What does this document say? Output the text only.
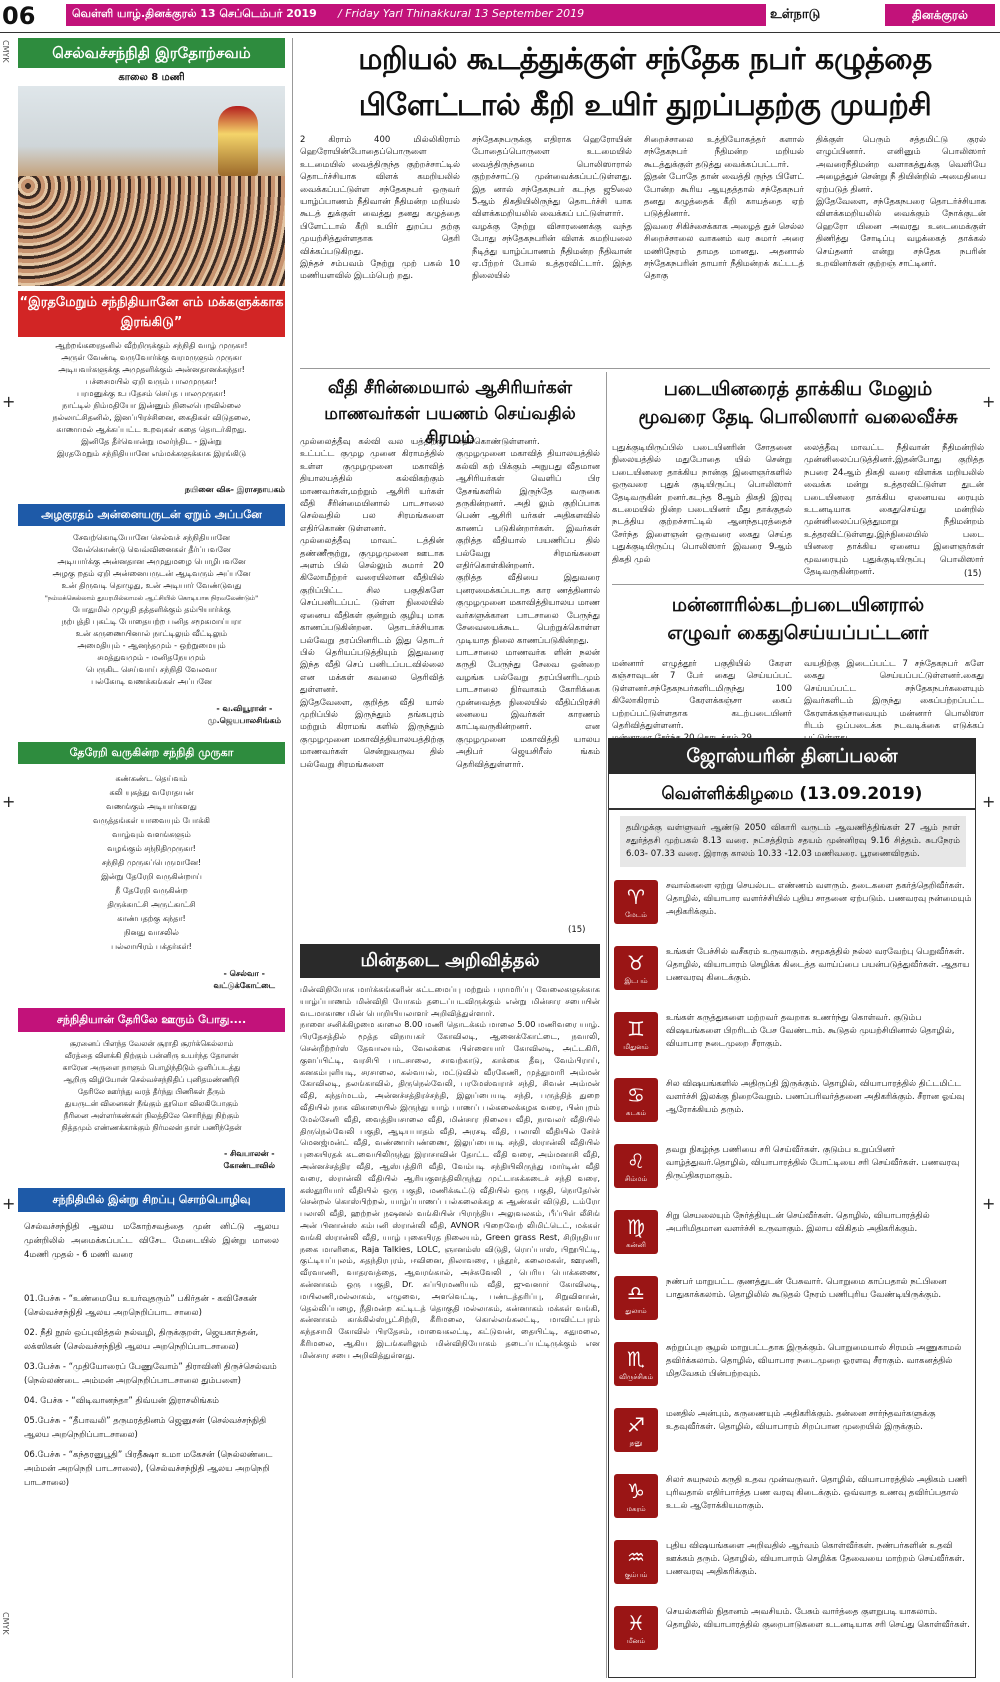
06	வெள்ளி யாழ்.தினக்குரல் 13 செப்டெம்பர் 2019 / Friday Yarl Thinakkural 13 September 2019	உள்நாடு	தினக்குரல்
CMYK
CMYK
+
+
+
+
+
+
செல்வச்சந்நிதி இரதோற்சவம்
காலை 8 மணி
“இரதமேறும் சந்நிதியானே எம் மக்களுக்காக இரங்கிடு”
ஆற்றங்கரைதனில் வீற்றிருக்கும் சந்நிதி வாழ் முருகா!
அருள் வேண்டி வருவோர்க்கு வரமருளும் முருகா
அடியவர்களுக்கு அமுதளிக்கும் அன்னதானக்கந்தா!
பச்சைமயில் ஏறி வரும் பாலமுருகா!
பரமனுக்கு உபதேசம் செய்த பாலமுருகா!
நாட்டில் நிம்மதியோ இன்னும் நிலைபெறவில்லை
நல்லாட்சிதனில், இனப்பிரச்சினை, கைதிகள் விடுதலை,
காணாமல் ஆக்கப்பட்ட உறவுகள் கதை தொடர்கிறது.
இனிதே தீர்வொன்று மலர்ந்திட - இன்று
இரதமேறும் சந்நிதியானே எம்மக்களுக்காக இரங்கிடு
நயினை விசு- இராசநாயகம்
அழகுரதம் அன்னையருடன் ஏறும் அப்பனே
சேவற்கொடியோனே செல்வச் சந்நிதியானே
வேல்கொண்டு வெவ்வினைகள் தீர்ப்பவனே
அடியார்க்கு அன்னதான அமுதுமழை பொழிபவனே
அழகு றதம் ஏறி அன்னையருடன் ஆடிவரும் அப்பனே
உன் திருவடி தொழுது, உன் அடியார் வேண்டுவது
"நம்மக்கெல்லாம் துயரமில்லாமல் ஆட்சியில் கொடியாக நிரவலேண்டும்"
போதுமில் முழுதி தத்தளிக்கும் தம்பியார்க்கு
நற்புத்தி புகட்டி போதையற்ற பனித சமூகமாய்பரா
உன் கருணையினால் நாட்டிலும் வீட்டிலும்
அமைதியும் - ஆனந்தமும் - ஒற்றுமையும்
சமத்துவமும் - மனிதநேயமும்
பெருகிட செய்வாய் சந்நிதி வேலவா
பல்கோடி வணக்கங்கள் அப்பனே
- வ.வியூரான் -
மு.ஜெயபாலசிங்கம்
தேரேறி வருகின்ற சந்நிதி முருகா
கண்கண்ட தெய்வம்
கலி யுகத்து வரோதயன்
வணங்கும் அடியார்களது
வருத்தங்கள் யாவையும் போக்கி
வாழ்வும் வளங்களும்
வழங்கும் சந்நிதிமுருகா!
சந்நிதி முருகப்பெருமானே!
இன்று தேரேறி வருகின்றாய்
நீ தேரேறி வருகின்ற
திருக்காட்சி அருட்காட்சி
காண்பதற்கு கந்தா!
நினது வாசலில்
பல்லாயிரம் பக்தர்கள்!
- செல்வா -
வட்டுக்கோட்டை
சந்நிதியான் தேரிலே ஊரும் போது....
சூரனைப் பிளந்த வேலன் சூராதி சூரர்க்கெல்லாம்
வீரத்தை விளக்கி நிற்கும் பன்னிரு உயர்ந்த தோளன்
காரேன அருளை நாளும் பொழிந்திடும் ஒளிப்படத்து
ஆறிரு விழியோன் செல்வச்சந்நிதிப் புனிதமண்ணிறி
தேரிலே ஊர்ந்து வரத் தீர்ந்து பிணிகள் தீரும்
துயருடன் வினைகள் நீங்கும் தூமொ விலகிபோகும்
நீரினை அள்ளர்கண்கள் நிலத்திலே சொரிந்து நிற்கும்
நித்தமும் எண்ணக்காக்கும் நிர்மலன் தாள் பணிந்தேன்
- சிவபாலன் -
கோண்டாவில்
சந்நிதியில் இன்று சிறப்பு சொற்பொழிவு
செல்வச்சந்நிதி ஆலய மகோற்சவத்தை முன் னிட்டு ஆலய முன்றிலில் அமைக்கப்பட்ட விசேட மேடையில் இன்று மாலை 4மணி முதல் - 6 மணி வரை
01.பேச்சு - “உண்மையே உயர்வுதரும்” பகிர்தன் - கவிசேகன் (செல்வச்சந்நிதி ஆலய அறநெறிப்பாட சாலை)
02. நீதி நூல் ஒப்புவித்தல் நல்வழி, திருக்குறள், ஜெயகாந்தன், லக்ஸிகன் (செல்வச்சந்நிதி ஆலய அறநெறிப்பாடசாலை)
03.பேச்சு - “முதியோரைப் பேணுவோம்” திராவினி திருச்செல்வம் (நெல்லண்டை அம்மன் அறநெறிப்பாடசாலை தும்பளை)
04. பேச்சு - “விடிவானந்தா” திவ்யன் இராசலிங்கம்
05.பேச்சு - “தீபாவலி” தருமரத்தினம் ஜெனுசன் (செல்வச்சந்நிதி ஆலய அறநெறிப்பாடசாலை)
06.பேச்சு - “கந்தரனுபூதி” பிரதீக்ஷா உமா மகேசன் (நெல்லண்டை அம்மன் அறநெறி பாடசாலை), (செல்வச்சந்நிதி ஆலய அறநெறி பாடசாலை)
மறியல் கூடத்துக்குள் சந்தேக நபர் கழுத்தை
பிளேட்டால் கீறி உயிர் துறப்பதற்கு முயற்சி
2 கிராம் 400 மில்லிகிராம் ஹெரோயின்போதைப்பொருளை உடமையில் வைத்திருந்த குற்றச்சாட்டில் தொடர்ச்சியாக விளக் கமறியலில் வைக்கப்பட்டுள்ள சந்தேகநபர் ஒருவர் யாழ்ப்பாணம் நீதிவான் நீதிமன்ற மறியல் கூடத் துக்குள் வைத்து தனது கழுத்தை பிளேட்டால் கீறி உயிர் துறப்ப தற்கு முயற்சித்துள்ளதாக தெரி விக்கப்படுகிறது.
இந்தச் சம்பவம் நேற்று முற் பகல் 10 மணியளவில் இடம்பெற் றது.
சந்தேகநபருக்கு எதிராக ஹெரோயின் போதைப்பொருளை உடமையில் வைத்திருந்தமை பொலிஸாரால் குற்றச்சாட்டு முன்வைக்கப்பட்டுள்ளது. இத னால் சந்தேகநபர் கடந்த ஜூலை 5ஆம் திகதியிலிருந்து தொடர்ச்சி யாக விளக்கமறியலில் வைக்கப் பட்டுள்ளார்.
வழக்கு நேற்று விசாரணைக்கு வந்த போது சந்தேகநபரின் விளக் கமறியலை நீடித்து யாழ்ப்பாணம் நீதிமன்ற நீதிவான் ஏ.பீற்றர் போல் உத்தரவிட்டார். இந்த நிலையில்
சிறைச்சாலை உத்தியோகத்தர் களால் சந்தேகநபர் நீதிமன்ற மறியல் கூடத்துக்குள் தடுத்து வைக்கப்பட்டார்.
இதன் போதே தான் வைத்தி ருந்த பிளேட் போன்ற கூரிய ஆயுதத்தால் சந்தேகநபர் தனது கழுத்தைக் கீறி காயத்தை ஏற் படுத்தினார்.
இவரை சிகிச்சைக்காக அழைத் துச் செல்ல சிறைச்சாலை வாகனம் வர சுமார் அரை மணிநேரம் தாமத மானது. அதனால் சந்தேகநபரின் தாயார் நீதிமன்றக் கட்டடத் தொகு
திக்குள் பெரும் சத்தமிட்டு குரல் எழுப்பினார். எனினும் பொலிஸார் அவரைநீதிமன்ற வளாகத்துக்கு வெளியே அழைத்துச் சென்று நீ தியின்றில் அமைதியை ஏற்படுத் தினர்.
இதேவேளை, சந்தேகநபரை தொடர்ச்சியாக விளக்கமறியலில் வைக்கும் நோக்குடன் ஹெரோ யினை அவரது உடைமைக்குள் திணித்து சோடிப்பு வழக்கைத் தாக்கல் செய்தனர் என்று சந்தேக நபரின் உறவினர்கள் குற்றஞ் சாட்டினர்.
வீதி சீரின்மையால் ஆசிரியர்கள்
மாணவர்கள் பயணம் செய்வதில் சிரமம்
முல்லைத்தீவு கல்வி வல யத்திற்கு உட்பட்ட குமுழ முனை கிராமத்தில் உள்ள குமுழமுனை மகாவித் தியாலயத்தில் கல்விகற்கும் மாணவர்கள்,மற்றும் ஆசிரி யர்கள் வீதி சீரின்மையினால் பாடசாலை செல்வதில் பல சிரமங்களை எதிர்கொண் டுள்ளனர்.
முல்லைத்தீவு மாவட் டத்தின் தண்ணீரூற்று, குமுழமுனை ஊடாக அளம் பில் செல்லும் சுமார் 20 கிலோமீற்றர் வரையிலான வீதியில் குறிப்பிட்ட சில பகுதிகளே செப்பனிடப்பட் டுள்ள நிலையில் ஏனைய வீதிகள் குன்றும் குழியு மாக காணப்படுகின்றன. தொடர்ச்சியாக பல்வேறு தரப்பினரிடம் இது தொடர் பில் தெரியப்படுத்தியும் இதுவரை இந்த வீதி செப் பனிடப்படவில்லை என மக்கள் கவலை தெரிவித் துள்ளனர்.
இதேவேளை, குறித்த வீதி யால் முறிப்பில் இருந்தும் தங்கபுரம் மற்றும் கிராமங் களில் இருந்தும் குமுழமுனை மகாவித்தியாலயத்திற்கு மாணவர்கள் சென்றுவருவ தில் பல்வேறு சிரமங்களை
எதிர்கொண்டுள்ளனர்.
குமுழமுனை மகாவித் தியாலயத்தில் கல்வி கற் பிக்கும் அநுபது வீதமான ஆசிரியர்கள் வெளிப் பிர தேசங்களில் இருந்தே வருகை தருகின்றனர். அதி லும் குறிப்பாக பெண் ஆசிரி யர்கள் அதிகளவில் காணப் படுகின்றார்கள். இவர்கள் குறித்த வீதியால் பயணிப்ப தில் பல்வேறு சிரமங்களை எதிர்கொள்கின்றனர்.
குறித்த வீதியை இதுவரை புனரமைக்கப்படாத கார ணத்தினால் குமுழமுனை மகாவித்தியாலய மாண வர்களுக்கான பாடசாலை பேருந்து சேவையைக்கூட பெற்றுக்கொள்ள முடியாத நிலை காணப்படுகின்றது.
பாடசாலை மாணவர்க ளின் நலன் கருதி பேருந்து சேவை ஒன்றை வழங்க பல்வேறு தரப்பினரிடமும் பாடசாலை நிர்வாகம் கோரிக்கை முன்வைத்த நிலையில் வீதிப்பிரச்சி னையை இவர்கள் காரணம் காட்டிவருகின்றனர். என குமுழமுனை மகாவித்தி யாலய அதிபர் ஜெயசிரீஸ் ங்கம் தெரிவித்துள்ளார்.
(15)
மின்தடை அறிவித்தல்
மின்விநியோக மார்க்கங்களின் கட்டமைப்பு மற்றும் பராமரிப்பு வேலைகளுக்காக யாழ்ப்பாணம் மின்விநி யோகம் தடைப்படவிருக்கும் என்று மின்சார சபையின் வடமாகாண மின் பொறியியலாளர் அறிவித்துள்ளார்.
நாளை சனிக்கிழமை காலை 8.00 மணி தொடக்கம் மாலை 5.00 மணிவரை யாழ். பிரதேசத்தில் மூத்த விநாயகர் கோவிலடி, ஆனைக்கோட்டை, நவாலி, சென்றீற்றர்ஸ் தேவாலயம், வேலக்கை பிள்ளையார் கோவிலடி, அட்டகிரி, குளப்பிட்டி, வரசிபி பாடசாலை, சாவற்காடு, காக்கை தீவு, வேம்பிராய், கனகம்புளியடி, சரசாலை, கல்வயல், மட்டுவில் வீரகேணி, முத்துமாரி அம்மன் கோவிலடி, தலங்காவில், திருநெல்வேலி, பரமேஸ்வராச் சந்தி, சிவன் அம்மன் வீதி, கந்தர்மடம், அன்னச்சத்திரச்சந்தி, இலுப்பையடி சந்தி, பருத்தித் துறை வீதியில் நாக விகாரையில் இருந்து யாழ் பாணப் பல்கலைக்கழக வரை, பின்புறம் மேல்சேனி வீதி, வைத்தியசாலை வீதி, மின்சார நிலைய வீதி, நாவலர் வீதியில் திருநெல்வேலி பகுதி, ஆடியபாதம் வீதி, அரசடி வீதி, பலாலி வீதியில் சேர்ச் மெனஜ்மன்ட் வீதி, வண்ணார்பண்ணை, இலுப்பையடி சந்தி, ஸ்ரான்லி வீதியில் புகையிரதக் கடவையிலிருந்து இராசாவின் தோட்ட வீதி வரை, அம்மனாசி வீதி, அன்னச்சத்திர வீதி, ஆஸ்பத்திரி வீதி, வேம்படி சந்தியிலிருந்து மார்டின் வீதி வரை, ஸ்ரான்லி வீதியில் ஆரியகுளத்திலிருந்து முட்டாசுக்கடைச் சந்தி வரை, கஸ்தூரியார் வீதியில் ஒரு பகுதி, மணிக்கூட்டு வீதியில் ஒரு பகுதி, நொதேர்ன் சென்றல் கொஸ்பிற்றல், யாழ்ப்பாணப் பல்கலைக்கழ க ஆண்கள் விடுதி, டம்ரோ பலாலி வீதி, ஹற்றன் நஷனல் வங்கியின் பிராந்திய அலுவலகம், பீப்பிள் லீசிங் அன் பினான்ஸ் கம்பனி ஸ்ரான்லி வீதி, AVNOR பிறைவேற் லிமிட்டெட், மக்கள் வங்கி ஸ்ரான்லி வீதி, யாழ் புகையிரத நிலையம், Green grass Rest, சிறிநதியா நகை மாளிகை, Raja Talkies, LOLC, ஞானம்ஸ் விடுதி, ரொப்பாஸ், பிறூபிட்டி, குட்டியப்புலம், சுதந்திரபுரம், ஈவினை, நிலாவரை, புத்தூர், கலைமகள், ஊரணி, வீரவாணி, வாதரவத்தை, ஆவரங்கால், அச்சுவேலி , பெரிய பொக்கணை, கன்னாகம் ஒரு பகுதி, Dr. சுப்பிரமணியம் வீதி, ஜுவனாா் கோவிலடி, மயிலணி,மல்லாகம், எழுவை, அளவெட்டி, பண்டத்தரிப்பு, சிறுவிளான், தெல்லிப்பழை, நீதிமன்ற கட்டிடத் தொகுதி மல்லாகம், கன்னாகம் மக்கள் வங்கி, கன்னாகம் காக்கில்ஸ்பூட்சிற்றி, கீரிமலை, கொல்லங்கலட்டி, மாவிட்டபுரம் கந்தசாமி கோவில் பிரதேசம், மாவைகலட்டி, கட்டுவன், தையிட்டி, சுதுமலை, கீரிமலை, ஆகிய இடங்களிலும் மின்விநியோகம் தடைப்பட்டிருக்கும் என மின்சார சபை அறிவித்துள்ளது.
படையினரைத் தாக்கிய மேலும்
மூவரை தேடி பொலிஸார் வலைவீச்சு
புதுக்குடியிருப்பில் படையினரின் சோதனை நிலையத்தில் மதுபோதை யில் சென்று படையினரை தாக்கிய நான்கு இளைஞர்களில் ஒருவரை புதுக் குடியிருப்பு பொலிஸார் தேடிவருகின் றனர்.கடந்த 8ஆம் திகதி இரவு கடமையில் நின்ற படையினர் மீது தாக்குதல் நடத்திய குற்றச்சாட்டில் ஆனந்தபுரத்தைச் சேர்ந்த இளைஞன் ஒருவரை கைது செய்த புதுக்குடியிருப்பு பொலிஸார் இவரை 9ஆம் திகதி முல்
லைத்தீவு மாவட்ட நீதிவான் நீதிமன்றில் முன்னிலைப்படுத்தினர்.இதன்போது குறித்த நபரை 24ஆம் திகதி வரை விளக்க மறியலில் வைக்க மன்று உத்தரவிட்டுள்ள துடன் படையினரை தாக்கிய ஏனையவ ரையும் உடனடியாக கைதுசெய்து மன்றில் முன்னிலைப்படுத்துமாறு நீதிமன்றம் உத்தரவிட்டுள்ளது.இந்நிலையில் படை யினரை தாக்கிய ஏனைய இளைஞர்கள் மூவரையும் புதுக்குடியிருப்பு பொலிஸார் தேடிவருகின்றனர்.	(15)
மன்னாரில்கடற்படையினரால்
எழுவர் கைதுசெய்யப்பட்டனர்
மன்னார் எழுத்தூர் பகுதியில் கேரள கஞ்சாவுடன் 7 பேர் கைது செய்யப்பட் டுள்ளனர்.சந்தேகநபர்களிடமிருந்து 100 கிலோகிராம் கேரளக்கஞ்சா கைப் பற்றப்பட்டுள்ளதாக கடற்படையினர் தெரிவித்துள்ளனர்.

வயதிற்கு இடைப்பட்ட 7 சந்தேகநபர் களே கைது செய்யப்பட்டுள்ளனர்.கைது செய்யப்பட்ட சந்தேகநபர்களையும் இவர்களிடம் இருந்து கைப்பற்றப்பட்ட கேரளக்கஞ்சாவையும் மன்னார் பொலிஸா ரிடம் ஒப்படைக்க நடவடிக்கை எடுக்கப்
ஜோஸ்யரின் தினப்பலன்
வெள்ளிக்கிழமை (13.09.2019)
தமிழுக்கு வள்ளுவர் ஆண்டு 2050 விகாரி வருடம் ஆவணித்திங்கள் 27 ஆம் நாள் சதுர்த்தசி முற்பகல் 8.13 வரை. நட்சத்திரம் சதயம் முன்னிரவு 9.16 சித்தம். சுபநேரம் 6.03- 07.33 வரை. இராகு காலம் 10.33 -12.03 மணிவரை. பூரணைவிரதம்.
♈
மேடம்
சவால்களை ஏற்று செயல்பட எண்ணம் வளரும். தடைகளை தகர்த்தெறிவீர்கள். தொழில், வியாபார வளர்ச்சியில் புதிய சாதனை ஏற்படும். பணவரவு நன்மையும் அதிகரிக்கும்.
♉
இடபம்
உங்கள் பேச்சில் வசீகரம் உருவாகும். சமூகத்தில் நல்ல வரவேற்பு பெறுவீர்கள். தொழில், வியாபாரம் செழிக்க கிடைத்த வாய்ப்பை பயன்படுத்துவீர்கள். ஆதாய பணவரவு கிடைக்கும்.
♊
மிதுனம்
உங்கள் கருத்துகளை மற்றவர் தவறாக உணர்ந்து கொள்வர். குடும்ப விஷயங்களை பிறரிடம் பேச வேண்டாம். கூடுதல் முயற்சியினால் தொழில், வியாபார நடைமுறை சீராகும்.
♋
கடகம்
சில விஷயங்களில் அதிருப்தி இருக்கும். தொழில், வியாபாரத்தில் திட்டமிட்ட வளர்ச்சி இலக்கு நிறைவேறும். பணப்பரிவர்த்தனை அதிகரிக்கும். சீரான ஓய்வு ஆரோக்கியம் தரும்.
♌
சிம்மம்
தவறு நிகழ்ந்த பணியை சரி செய்வீர்கள். குடும்ப உறுப்பினர் வாழ்த்துவர்.தொழில், வியாபாரத்தில் போட்டியை சரி செய்வீர்கள். பணவரவு திருப்திகரமாகும்.
♍
கன்னி
சிறு செயலையும் நேர்த்தியுடன் செய்வீர்கள். தொழில், வியாபாரத்தில் அபரிமிதமான வளர்ச்சி உருவாகும். இலாப விகிதம் அதிகரிக்கும்.
♎
துலாம்
நண்பர் மாறுபட்ட குணத்துடன் பேசுவார். பொறுமை காப்பதால் நட்பினை பாதுகாக்கலாம். தொழிலில் கூடுதல் நேரம் பணிபுரிய வேண்டியிருக்கும்.
♏
விருச்சிகம்
சுற்றுப்புற சூழல் மாறுபட்டதாக இருக்கும். பொறுமையால் சிரமம் அணுகாமல் தவிர்க்கலாம். தொழில், வியாபார நடைமுறை ஓரளவு சீராகும். வாகனத்தில் மிதவேகம் பின்பற்றவும்.
♐
தனு
மனதில் அன்பும், கருணையும் அதிகரிக்கும். தன்னை சார்ந்தவர்களுக்கு உதவுவீர்கள். தொழில், வியாபாரம் சிறப்பான முறையில் இருக்கும்.
♑
மகரம்
சிலர் சுயநலம் கருதி உதவ முன்வருவர். தொழில், வியாபாரத்தில் அதிகம் பணி புரிவதால் எதிர்பார்த்த பண வரவு கிடைக்கும். ஒவ்வாத உணவு தவிர்ப்பதால் உடல் ஆரோக்கியமாகும்.
♒
கும்பம்
புதிய விஷயங்களை அறிவதில் ஆர்வம் கொள்வீர்கள். நண்பர்களின் உதவி ஊக்கம் தரும். தொழில், வியாபாரம் செழிக்க தேவையை மாற்றம் செய்வீர்கள். பணவரவு அதிகரிக்கும்.
♓
மீனம்
செயல்களில் நிதானம் அவசியம். பேசும் வார்த்தை குளறுபடி யாகலாம். தொழில், வியாபாரத்தில் குறைபாடுகளை உடனடியாக சரி செய்து கொள்வீர்கள்.
